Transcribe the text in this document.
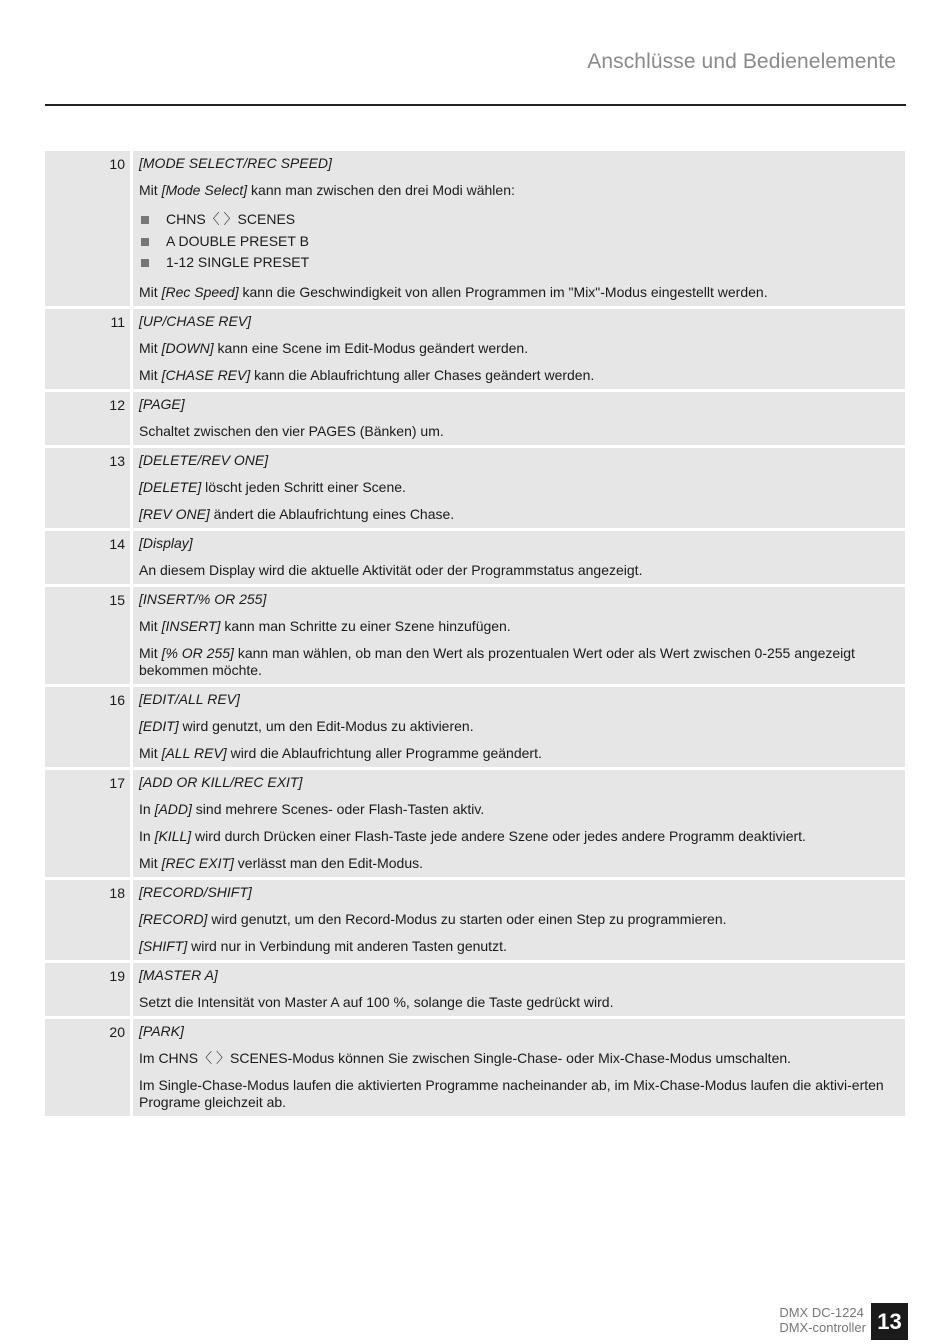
Anschlüsse und Bedienelemente
10	[MODE SELECT/REC SPEED]
Mit [Mode Select] kann man zwischen den drei Modi wählen:
CHNS〈 〉SCENES
A DOUBLE PRESET B
1-12 SINGLE PRESET
Mit [Rec Speed] kann die Geschwindigkeit von allen Programmen im "Mix"-Modus eingestellt werden.
11	[UP/CHASE REV]
Mit [DOWN] kann eine Scene im Edit-Modus geändert werden.
Mit [CHASE REV] kann die Ablaufrichtung aller Chases geändert werden.
12	[PAGE]
Schaltet zwischen den vier PAGES (Bänken) um.
13	[DELETE/REV ONE]
[DELETE] löscht jeden Schritt einer Scene.
[REV ONE] ändert die Ablaufrichtung eines Chase.
14	[Display]
An diesem Display wird die aktuelle Aktivität oder der Programmstatus angezeigt.
15	[INSERT/% OR 255]
Mit [INSERT] kann man Schritte zu einer Szene hinzufügen.
Mit [% OR 255] kann man wählen, ob man den Wert als prozentualen Wert oder als Wert zwischen 0-255 angezeigt bekommen möchte.
16	[EDIT/ALL REV]
[EDIT] wird genutzt, um den Edit-Modus zu aktivieren.
Mit [ALL REV] wird die Ablaufrichtung aller Programme geändert.
17	[ADD OR KILL/REC EXIT]
In [ADD] sind mehrere Scenes- oder Flash-Tasten aktiv.
In [KILL] wird durch Drücken einer Flash-Taste jede andere Szene oder jedes andere Programm deaktiviert.
Mit [REC EXIT] verlässt man den Edit-Modus.
18	[RECORD/SHIFT]
[RECORD] wird genutzt, um den Record-Modus zu starten oder einen Step zu programmieren.
[SHIFT] wird nur in Verbindung mit anderen Tasten genutzt.
19	[MASTER A]
Setzt die Intensität von Master A auf 100 %, solange die Taste gedrückt wird.
20	[PARK]
Im CHNS〈 〉SCENES-Modus können Sie zwischen Single-Chase- oder Mix-Chase-Modus umschalten.
Im Single-Chase-Modus laufen die aktivierten Programme nacheinander ab, im Mix-Chase-Modus laufen die aktivi-erten Programe gleichzeit ab.
DMX DC-1224
DMX-controller 13
